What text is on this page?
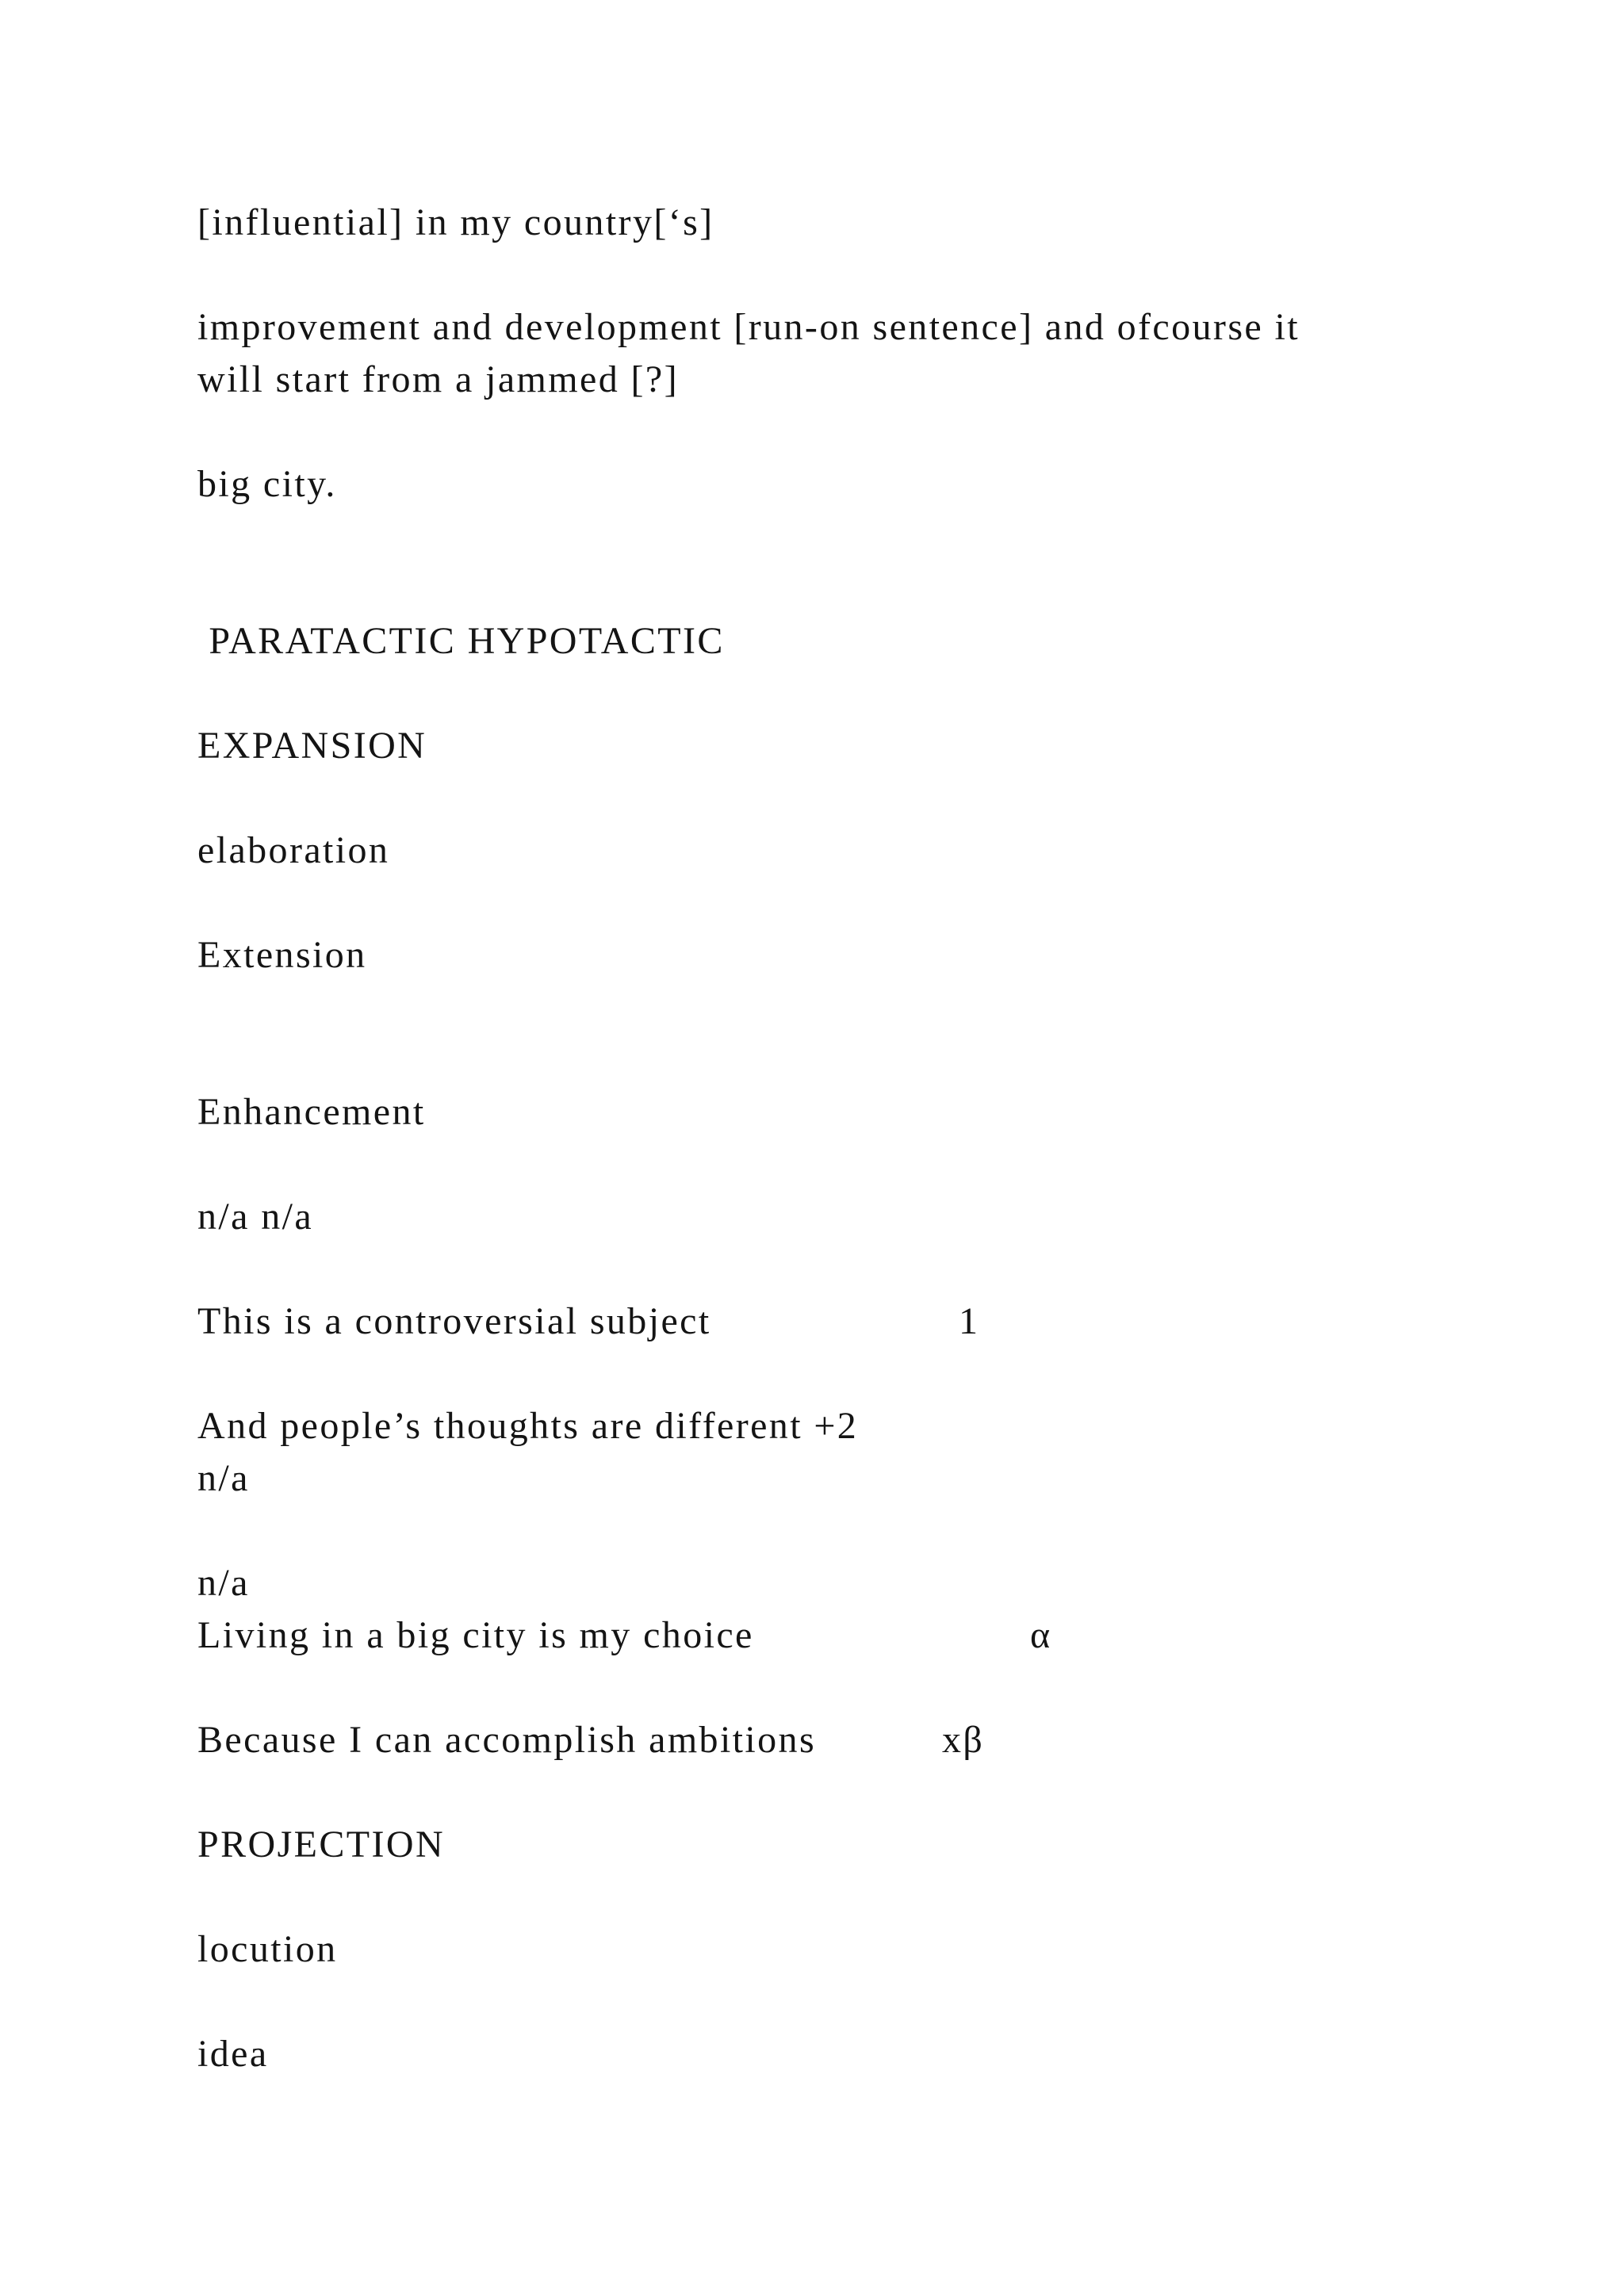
[influential] in my country[‘s]

improvement and development [run-on sentence] and ofcourse it

will start from a jammed [?]

big city.

PARATACTIC HYPOTACTIC

EXPANSION

elaboration

Extension

Enhancement

n/a n/a

This is a controversial subject	1

And people’s thoughts are different +2

n/a

n/a

Living in a big city is my choice	α

Because I can accomplish ambitions	xβ

PROJECTION

locution

idea
